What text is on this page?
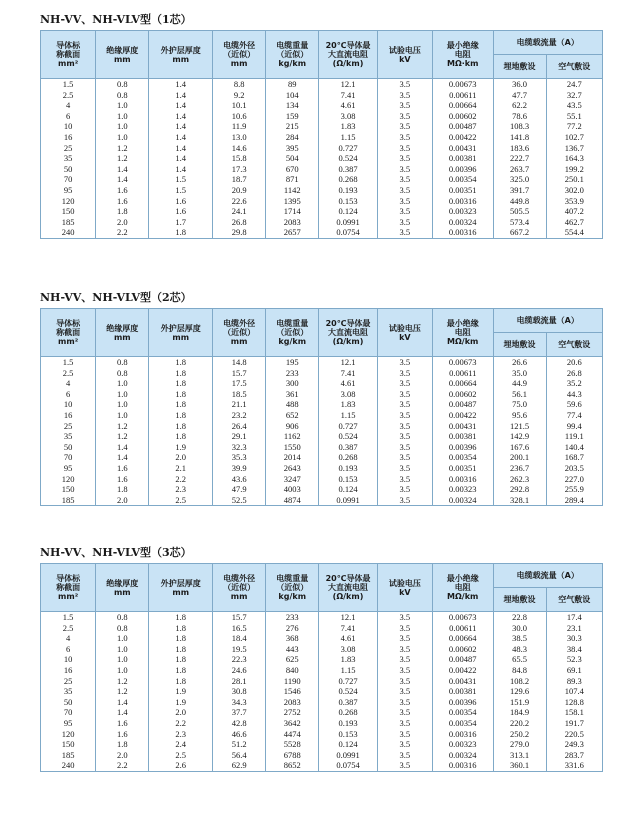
NH-VV、NH-VLV型（1芯）
导体标
称截面
mm²	绝缘厚度
mm	外护层厚度
mm	电缆外径
（近似）
mm	电缆重量
（近似）
kg/km	20℃导体最
大直流电阻
(Ω/km)	试验电压
kV	最小绝缘
电阻
MΩ·km	电缆载流量（A）	
								埋地敷设	空气敷设
1.5	0.8	1.4	8.8	89	12.1	3.5	0.00673	36.0	24.7
2.5	0.8	1.4	9.2	104	7.41	3.5	0.00611	47.7	32.7
4	1.0	1.4	10.1	134	4.61	3.5	0.00664	62.2	43.5
6	1.0	1.4	10.6	159	3.08	3.5	0.00602	78.6	55.1
10	1.0	1.4	11.9	215	1.83	3.5	0.00487	108.3	77.2
16	1.0	1.4	13.0	284	1.15	3.5	0.00422	141.8	102.7
25	1.2	1.4	14.6	395	0.727	3.5	0.00431	183.6	136.7
35	1.2	1.4	15.8	504	0.524	3.5	0.00381	222.7	164.3
50	1.4	1.4	17.3	670	0.387	3.5	0.00396	263.7	199.2
70	1.4	1.5	18.7	871	0.268	3.5	0.00354	325.0	250.1
95	1.6	1.5	20.9	1142	0.193	3.5	0.00351	391.7	302.0
120	1.6	1.6	22.6	1395	0.153	3.5	0.00316	449.8	353.9
150	1.8	1.6	24.1	1714	0.124	3.5	0.00323	505.5	407.2
185	2.0	1.7	26.8	2083	0.0991	3.5	0.00324	573.4	462.7
240	2.2	1.8	29.8	2657	0.0754	3.5	0.00316	667.2	554.4
NH-VV、NH-VLV型（2芯）
导体标
称截面
mm²	绝缘厚度
mm	外护层厚度
mm	电缆外径
（近似）
mm	电缆重量
（近似）
kg/km	20℃导体最
大直流电阻
(Ω/km)	试验电压
kV	最小绝缘
电阻
MΩ/km	电缆载流量（A）	
								埋地敷设	空气敷设
1.5	0.8	1.8	14.8	195	12.1	3.5	0.00673	26.6	20.6
2.5	0.8	1.8	15.7	233	7.41	3.5	0.00611	35.0	26.8
4	1.0	1.8	17.5	300	4.61	3.5	0.00664	44.9	35.2
6	1.0	1.8	18.5	361	3.08	3.5	0.00602	56.1	44.3
10	1.0	1.8	21.1	488	1.83	3.5	0.00487	75.0	59.6
16	1.0	1.8	23.2	652	1.15	3.5	0.00422	95.6	77.4
25	1.2	1.8	26.4	906	0.727	3.5	0.00431	121.5	99.4
35	1.2	1.8	29.1	1162	0.524	3.5	0.00381	142.9	119.1
50	1.4	1.9	32.3	1550	0.387	3.5	0.00396	167.6	140.4
70	1.4	2.0	35.3	2014	0.268	3.5	0.00354	200.1	168.7
95	1.6	2.1	39.9	2643	0.193	3.5	0.00351	236.7	203.5
120	1.6	2.2	43.6	3247	0.153	3.5	0.00316	262.3	227.0
150	1.8	2.3	47.9	4003	0.124	3.5	0.00323	292.8	255.9
185	2.0	2.5	52.5	4874	0.0991	3.5	0.00324	328.1	289.4
NH-VV、NH-VLV型（3芯）
导体标
称截面
mm²	绝缘厚度
mm	外护层厚度
mm	电缆外径
（近似）
mm	电缆重量
（近似）
kg/km	20℃导体最
大直流电阻
(Ω/km)	试验电压
kV	最小绝缘
电阻
MΩ/km	电缆载流量（A）	
								埋地敷设	空气敷设
1.5	0.8	1.8	15.7	233	12.1	3.5	0.00673	22.8	17.4
2.5	0.8	1.8	16.5	276	7.41	3.5	0.00611	30.0	23.1
4	1.0	1.8	18.4	368	4.61	3.5	0.00664	38.5	30.3
6	1.0	1.8	19.5	443	3.08	3.5	0.00602	48.3	38.4
10	1.0	1.8	22.3	625	1.83	3.5	0.00487	65.5	52.3
16	1.0	1.8	24.6	840	1.15	3.5	0.00422	84.8	69.1
25	1.2	1.8	28.1	1190	0.727	3.5	0.00431	108.2	89.3
35	1.2	1.9	30.8	1546	0.524	3.5	0.00381	129.6	107.4
50	1.4	1.9	34.3	2083	0.387	3.5	0.00396	151.9	128.8
70	1.4	2.0	37.7	2752	0.268	3.5	0.00354	184.9	158.1
95	1.6	2.2	42.8	3642	0.193	3.5	0.00354	220.2	191.7
120	1.6	2.3	46.6	4474	0.153	3.5	0.00316	250.2	220.5
150	1.8	2.4	51.2	5528	0.124	3.5	0.00323	279.0	249.3
185	2.0	2.5	56.4	6788	0.0991	3.5	0.00324	313.1	283.7
240	2.2	2.6	62.9	8652	0.0754	3.5	0.00316	360.1	331.6
